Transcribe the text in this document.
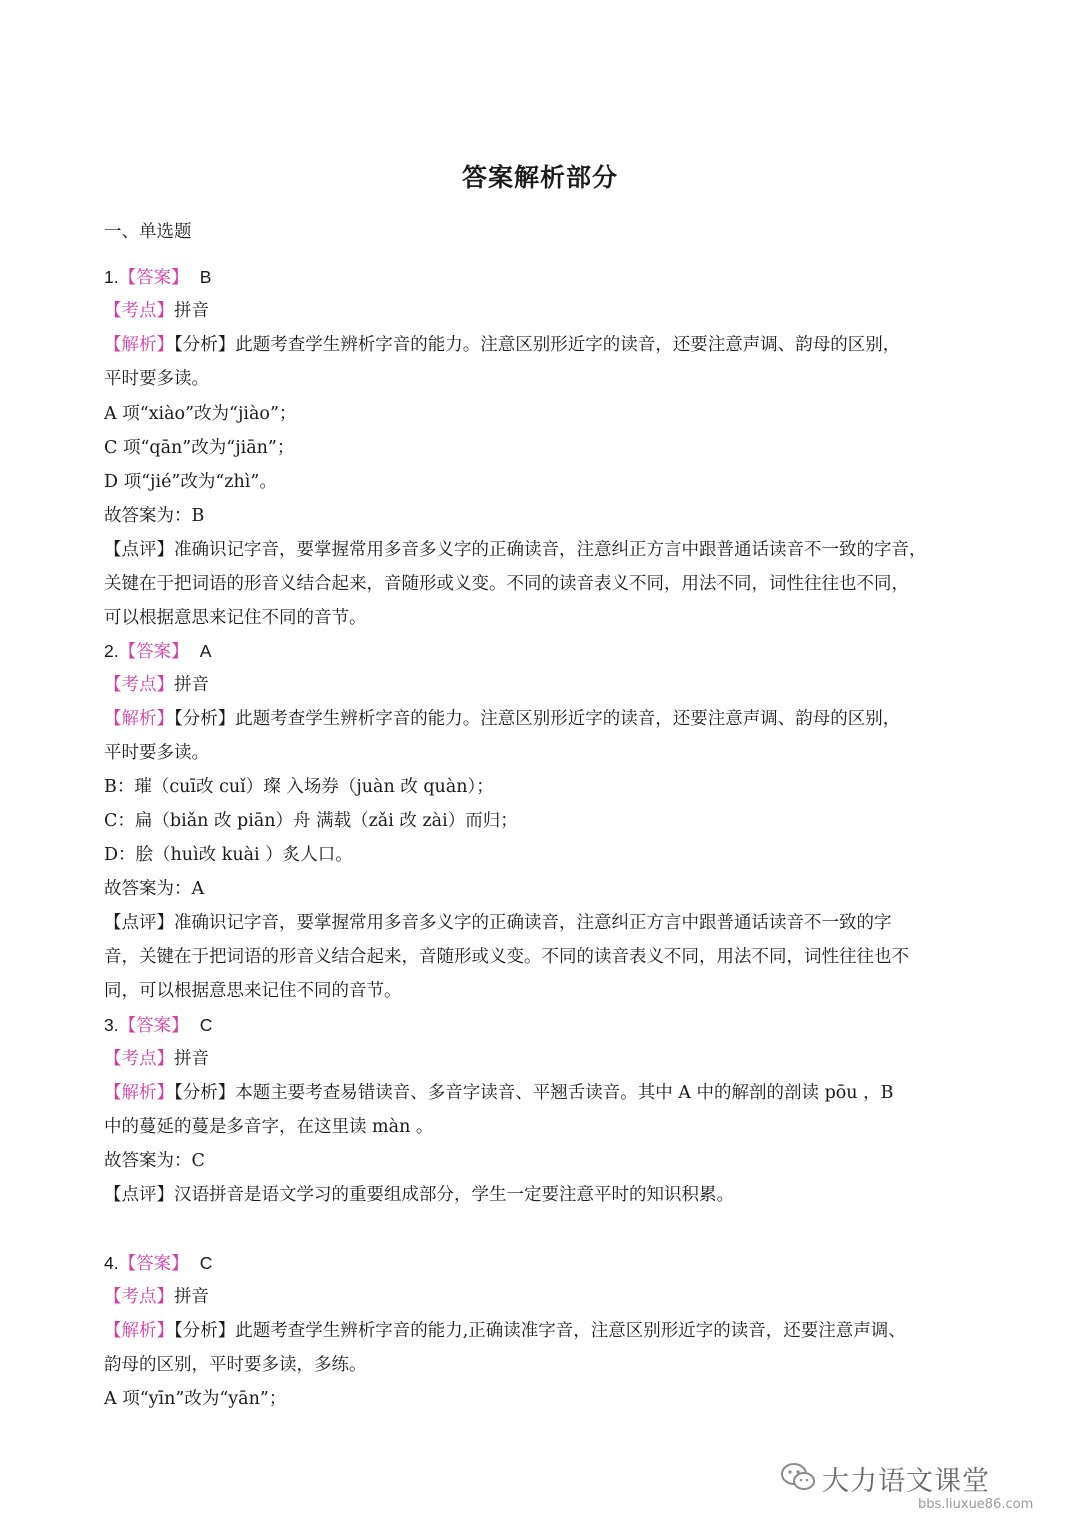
答案解析部分
一、单选题
1.【答案】 B
【考点】拼音
【解析】【分析】此题考查学生辨析字音的能力。注意区别形近字的读音，还要注意声调、韵母的区别，
平时要多读。
A 项“xiào”改为“jiào”；
C 项“qān”改为“jiān”；
D 项“jié”改为“zhì”。
故答案为：B
【点评】准确识记字音，要掌握常用多音多义字的正确读音，注意纠正方言中跟普通话读音不一致的字音，
关键在于把词语的形音义结合起来，音随形或义变。不同的读音表义不同，用法不同，词性往往也不同，
可以根据意思来记住不同的音节。
2.【答案】 A
【考点】拼音
【解析】【分析】此题考查学生辨析字音的能力。注意区别形近字的读音，还要注意声调、韵母的区别，
平时要多读。
B：璀（cuī改 cuǐ）璨 入场券（juàn 改 quàn）；
C：扁（biǎn 改 piān）舟 满载（zǎi 改 zài）而归；
D：脍（huì改 kuài ）炙人口。
故答案为：A
【点评】准确识记字音，要掌握常用多音多义字的正确读音，注意纠正方言中跟普通话读音不一致的字
音，关键在于把词语的形音义结合起来，音随形或义变。不同的读音表义不同，用法不同，词性往往也不
同，可以根据意思来记住不同的音节。
3.【答案】 C
【考点】拼音
【解析】【分析】本题主要考查易错读音、多音字读音、平翘舌读音。其中 A 中的解剖的剖读 pōu ，B
中的蔓延的蔓是多音字，在这里读 màn 。
故答案为：C
【点评】汉语拼音是语文学习的重要组成部分，学生一定要注意平时的知识积累。
4.【答案】 C
【考点】拼音
【解析】【分析】此题考查学生辨析字音的能力,正确读准字音，注意区别形近字的读音，还要注意声调、
韵母的区别，平时要多读，多练。
A 项“yīn”改为“yān”；
大力语文课堂
bbs.liuxue86.com
